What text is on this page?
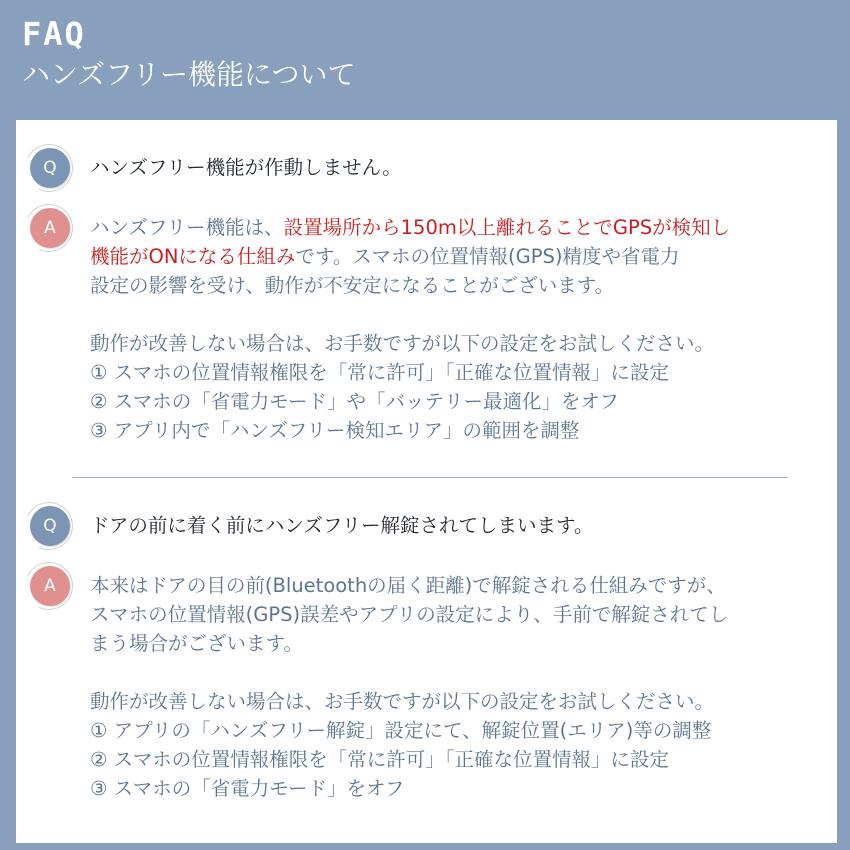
FAQ
ハンズフリー機能について
Q	ハンズフリー機能が作動しません。
A	ハンズフリー機能は、設置場所から150m以上離れることでGPSが検知し
機能がONになる仕組みです。スマホの位置情報(GPS)精度や省電力
設定の影響を受け、動作が不安定になることがございます。
動作が改善しない場合は、お手数ですが以下の設定をお試しください。
① スマホの位置情報権限を「常に許可」「正確な位置情報」に設定
② スマホの「省電力モード」や「バッテリー最適化」をオフ
③ アプリ内で「ハンズフリー検知エリア」の範囲を調整
Q	ドアの前に着く前にハンズフリー解錠されてしまいます。
A	本来はドアの目の前(Bluetoothの届く距離)で解錠される仕組みですが、
スマホの位置情報(GPS)誤差やアプリの設定により、手前で解錠されてし
まう場合がございます。
動作が改善しない場合は、お手数ですが以下の設定をお試しください。
① アプリの「ハンズフリー解錠」設定にて、解錠位置(エリア)等の調整
② スマホの位置情報権限を「常に許可」「正確な位置情報」に設定
③ スマホの「省電力モード」をオフ
